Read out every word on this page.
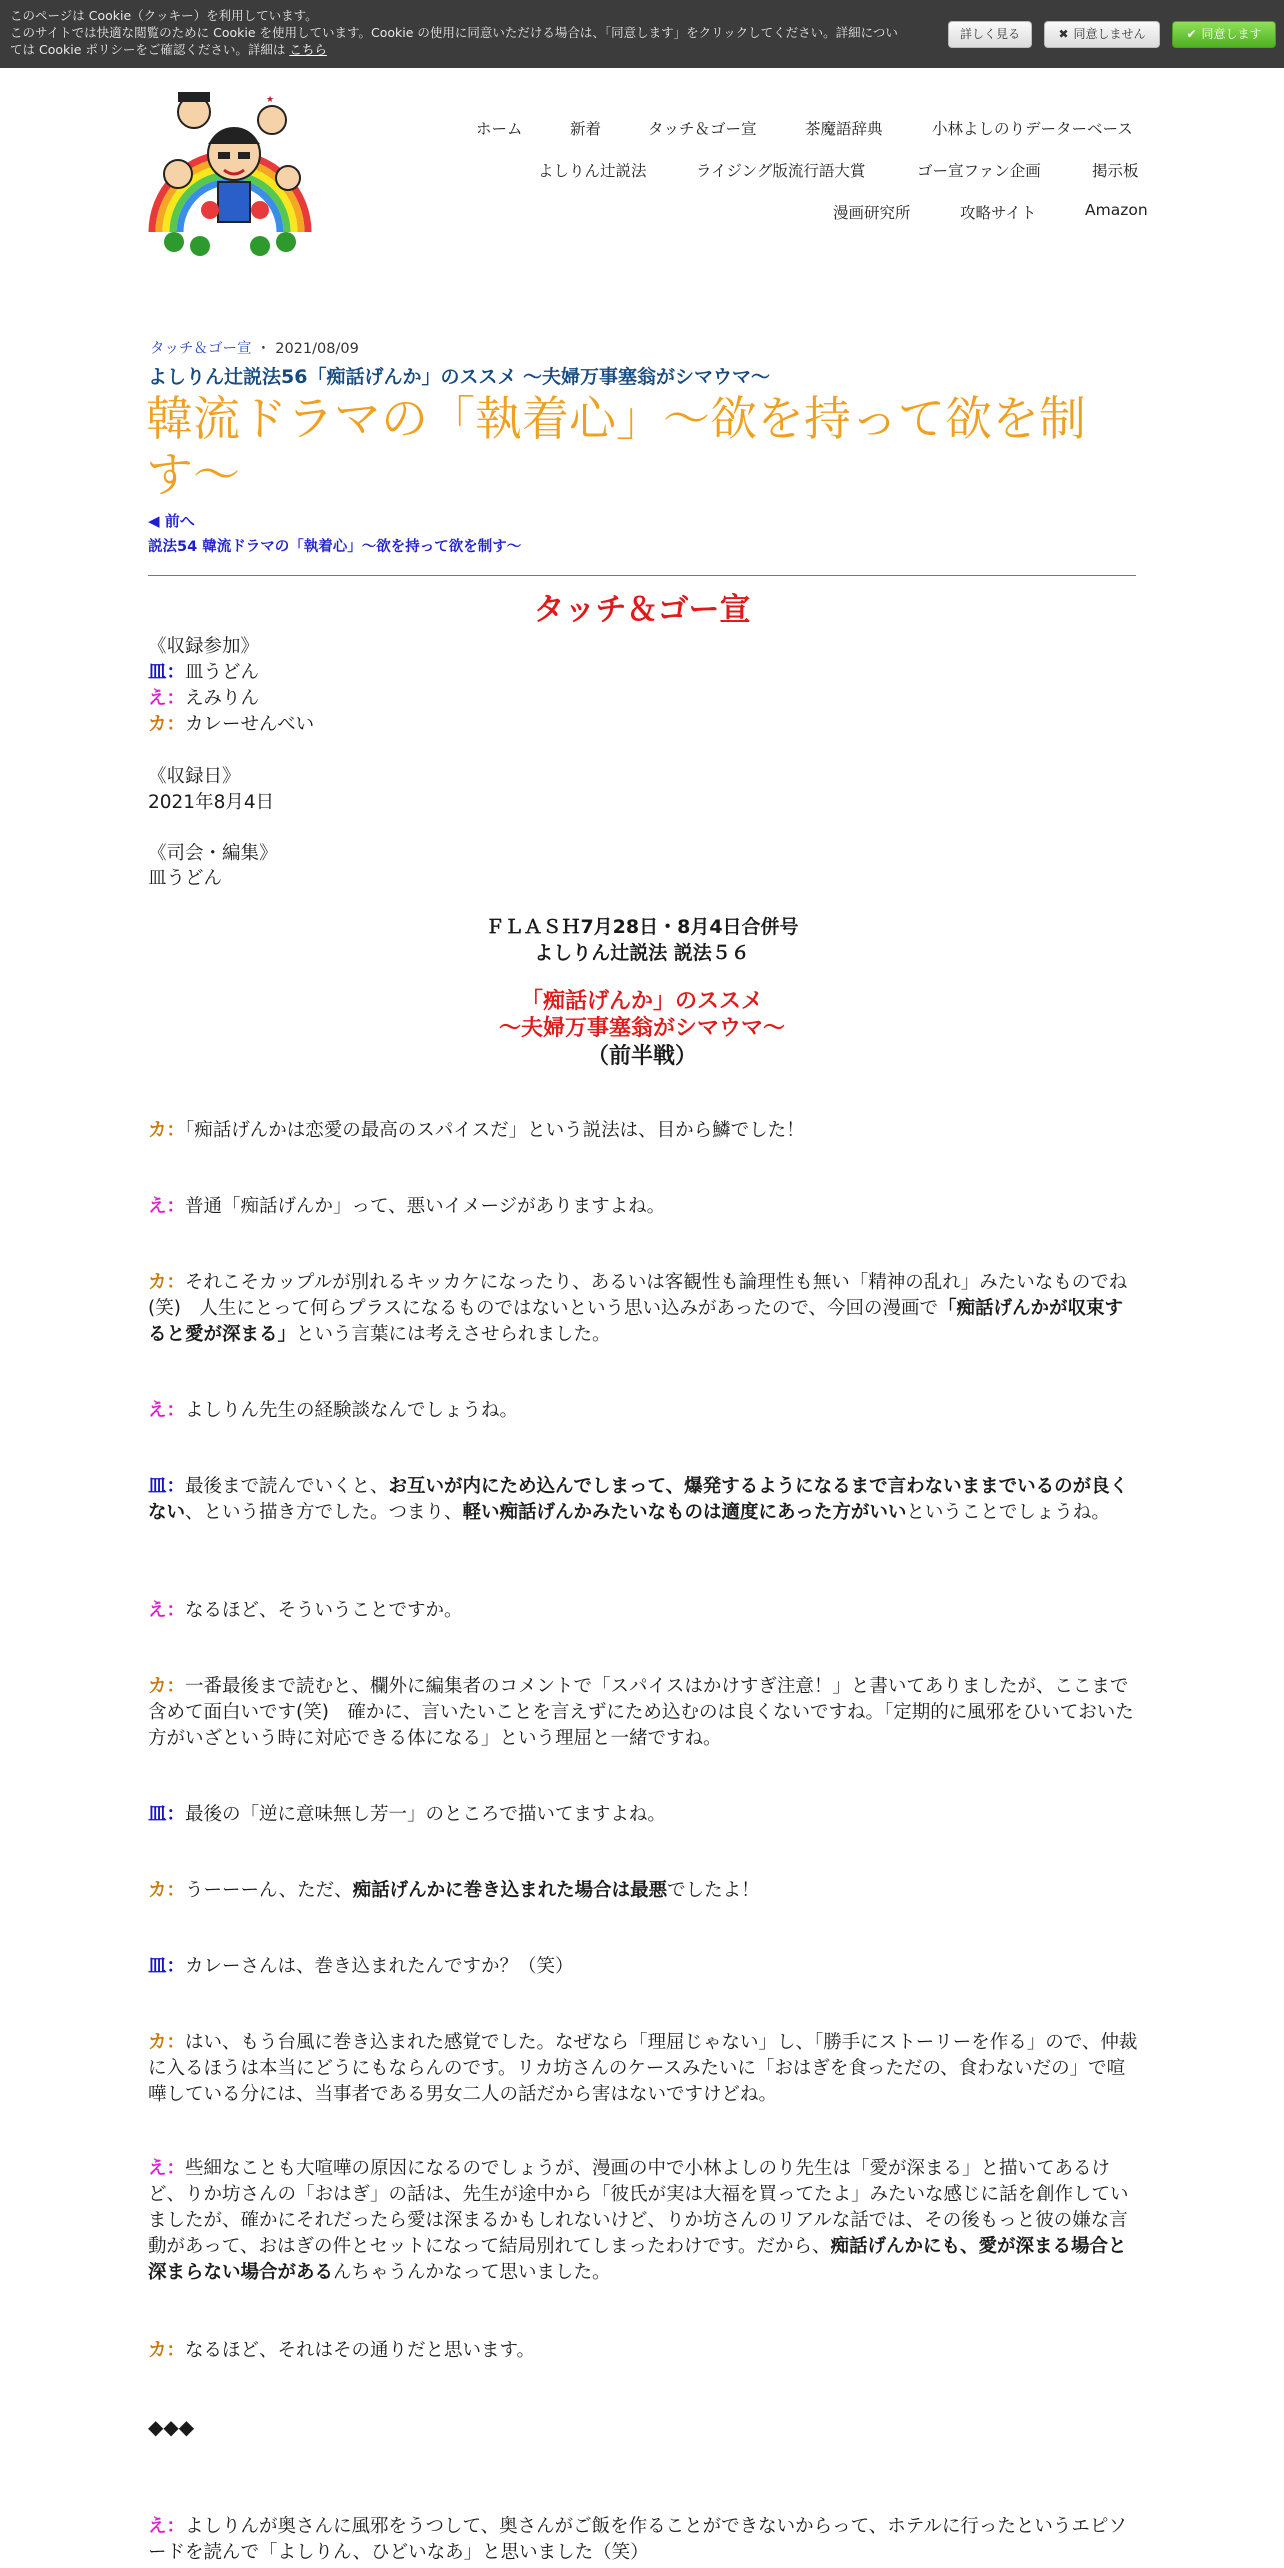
このページは Cookie（クッキー）を利用しています。
このサイトでは快適な閲覧のために Cookie を使用しています。Cookie の使用に同意いただける場合は、「同意します」をクリックしてください。詳細につい
ては Cookie ポリシーをご確認ください。詳細は こちら
詳しく見る	✖ 同意しません	✔ 同意します
★
ホーム	新着	タッチ＆ゴー宣	茶魔語辞典	小林よしのりデーターベース
よしりん辻説法	ライジング版流行語大賞	ゴー宣ファン企画	掲示板
漫画研究所	攻略サイト	Amazon
タッチ＆ゴー宣 ・ 2021/08/09
よしりん辻説法56「痴話げんか」のススメ ～夫婦万事塞翁がシマウマ～
韓流ドラマの「執着心」～欲を持って欲を制
す～
◀ 前へ
説法54 韓流ドラマの「執着心」～欲を持って欲を制す～
タッチ＆ゴー宣
《収録参加》
皿：皿うどん
え：えみりん
カ：カレーせんべい
《収録日》
2021年8月4日
《司会・編集》
皿うどん
ＦＬＡＳＨ7月28日・8月4日合併号
よしりん辻説法 説法５６
「痴話げんか」のススメ
～夫婦万事塞翁がシマウマ～
（前半戦）
カ：「痴話げんかは恋愛の最高のスパイスだ」という説法は、目から鱗でした！
え：普通「痴話げんか」って、悪いイメージがありますよね。
カ：それこそカップルが別れるキッカケになったり、あるいは客観性も論理性も無い「精神の乱れ」みたいなものでね(笑)　人生にとって何らプラスになるものではないという思い込みがあったので、今回の漫画で「痴話げんかが収束すると愛が深まる」という言葉には考えさせられました。
え：よしりん先生の経験談なんでしょうね。
皿：最後まで読んでいくと、お互いが内にため込んでしまって、爆発するようになるまで言わないままでいるのが良くない、という描き方でした。つまり、軽い痴話げんかみたいなものは適度にあった方がいいということでしょうね。
え：なるほど、そういうことですか。
カ：一番最後まで読むと、欄外に編集者のコメントで「スパイスはかけすぎ注意！」と書いてありましたが、ここまで含めて面白いです(笑)　確かに、言いたいことを言えずにため込むのは良くないですね。「定期的に風邪をひいておいた方がいざという時に対応できる体になる」という理屈と一緒ですね。
皿：最後の「逆に意味無し芳一」のところで描いてますよね。
カ：うーーーん、ただ、痴話げんかに巻き込まれた場合は最悪でしたよ！
皿：カレーさんは、巻き込まれたんですか？（笑）
カ：はい、もう台風に巻き込まれた感覚でした。なぜなら「理屈じゃない」し、「勝手にストーリーを作る」ので、仲裁に入るほうは本当にどうにもならんのです。リカ坊さんのケースみたいに「おはぎを食っただの、食わないだの」で喧嘩している分には、当事者である男女二人の話だから害はないですけどね。
え：些細なことも大喧嘩の原因になるのでしょうが、漫画の中で小林よしのり先生は「愛が深まる」と描いてあるけど、りか坊さんの「おはぎ」の話は、先生が途中から「彼氏が実は大福を買ってたよ」みたいな感じに話を創作していましたが、確かにそれだったら愛は深まるかもしれないけど、りか坊さんのリアルな話では、その後もっと彼の嫌な言動があって、おはぎの件とセットになって結局別れてしまったわけです。だから、痴話げんかにも、愛が深まる場合と深まらない場合があるんちゃうんかなって思いました。
カ：なるほど、それはその通りだと思います。
◆◆◆
え：よしりんが奥さんに風邪をうつして、奥さんがご飯を作ることができないからって、ホテルに行ったというエピソードを読んで「よしりん、ひどいなあ」と思いました（笑）
